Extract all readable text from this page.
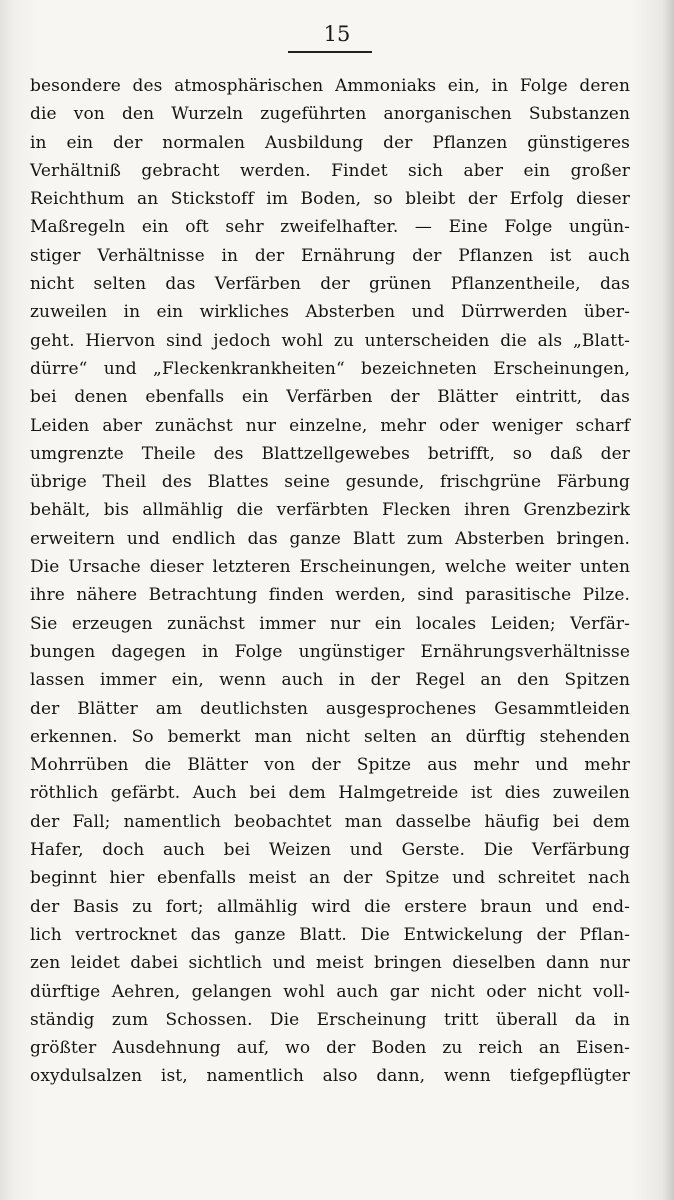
15
besondere des atmosphärischen Ammoniaks ein, in Folge deren
die von den Wurzeln zugeführten anorganischen Substanzen
in ein der normalen Ausbildung der Pflanzen günstigeres
Verhältniß gebracht werden. Findet sich aber ein großer
Reichthum an Stickstoff im Boden, so bleibt der Erfolg dieser
Maßregeln ein oft sehr zweifelhafter. — Eine Folge ungün-
stiger Verhältnisse in der Ernährung der Pflanzen ist auch
nicht selten das Verfärben der grünen Pflanzentheile, das
zuweilen in ein wirkliches Absterben und Dürrwerden über-
geht. Hiervon sind jedoch wohl zu unterscheiden die als „Blatt-
dürre“ und „Fleckenkrankheiten“ bezeichneten Erscheinungen,
bei denen ebenfalls ein Verfärben der Blätter eintritt, das
Leiden aber zunächst nur einzelne, mehr oder weniger scharf
umgrenzte Theile des Blattzellgewebes betrifft, so daß der
übrige Theil des Blattes seine gesunde, frischgrüne Färbung
behält, bis allmählig die verfärbten Flecken ihren Grenzbezirk
erweitern und endlich das ganze Blatt zum Absterben bringen.
Die Ursache dieser letzteren Erscheinungen, welche weiter unten
ihre nähere Betrachtung finden werden, sind parasitische Pilze.
Sie erzeugen zunächst immer nur ein locales Leiden; Verfär-
bungen dagegen in Folge ungünstiger Ernährungsverhältnisse
lassen immer ein, wenn auch in der Regel an den Spitzen
der Blätter am deutlichsten ausgesprochenes Gesammtleiden
erkennen. So bemerkt man nicht selten an dürftig stehenden
Mohrrüben die Blätter von der Spitze aus mehr und mehr
röthlich gefärbt. Auch bei dem Halmgetreide ist dies zuweilen
der Fall; namentlich beobachtet man dasselbe häufig bei dem
Hafer, doch auch bei Weizen und Gerste. Die Verfärbung
beginnt hier ebenfalls meist an der Spitze und schreitet nach
der Basis zu fort; allmählig wird die erstere braun und end-
lich vertrocknet das ganze Blatt. Die Entwickelung der Pflan-
zen leidet dabei sichtlich und meist bringen dieselben dann nur
dürftige Aehren, gelangen wohl auch gar nicht oder nicht voll-
ständig zum Schossen. Die Erscheinung tritt überall da in
größter Ausdehnung auf, wo der Boden zu reich an Eisen-
oxydulsalzen ist, namentlich also dann, wenn tiefgepflügter
